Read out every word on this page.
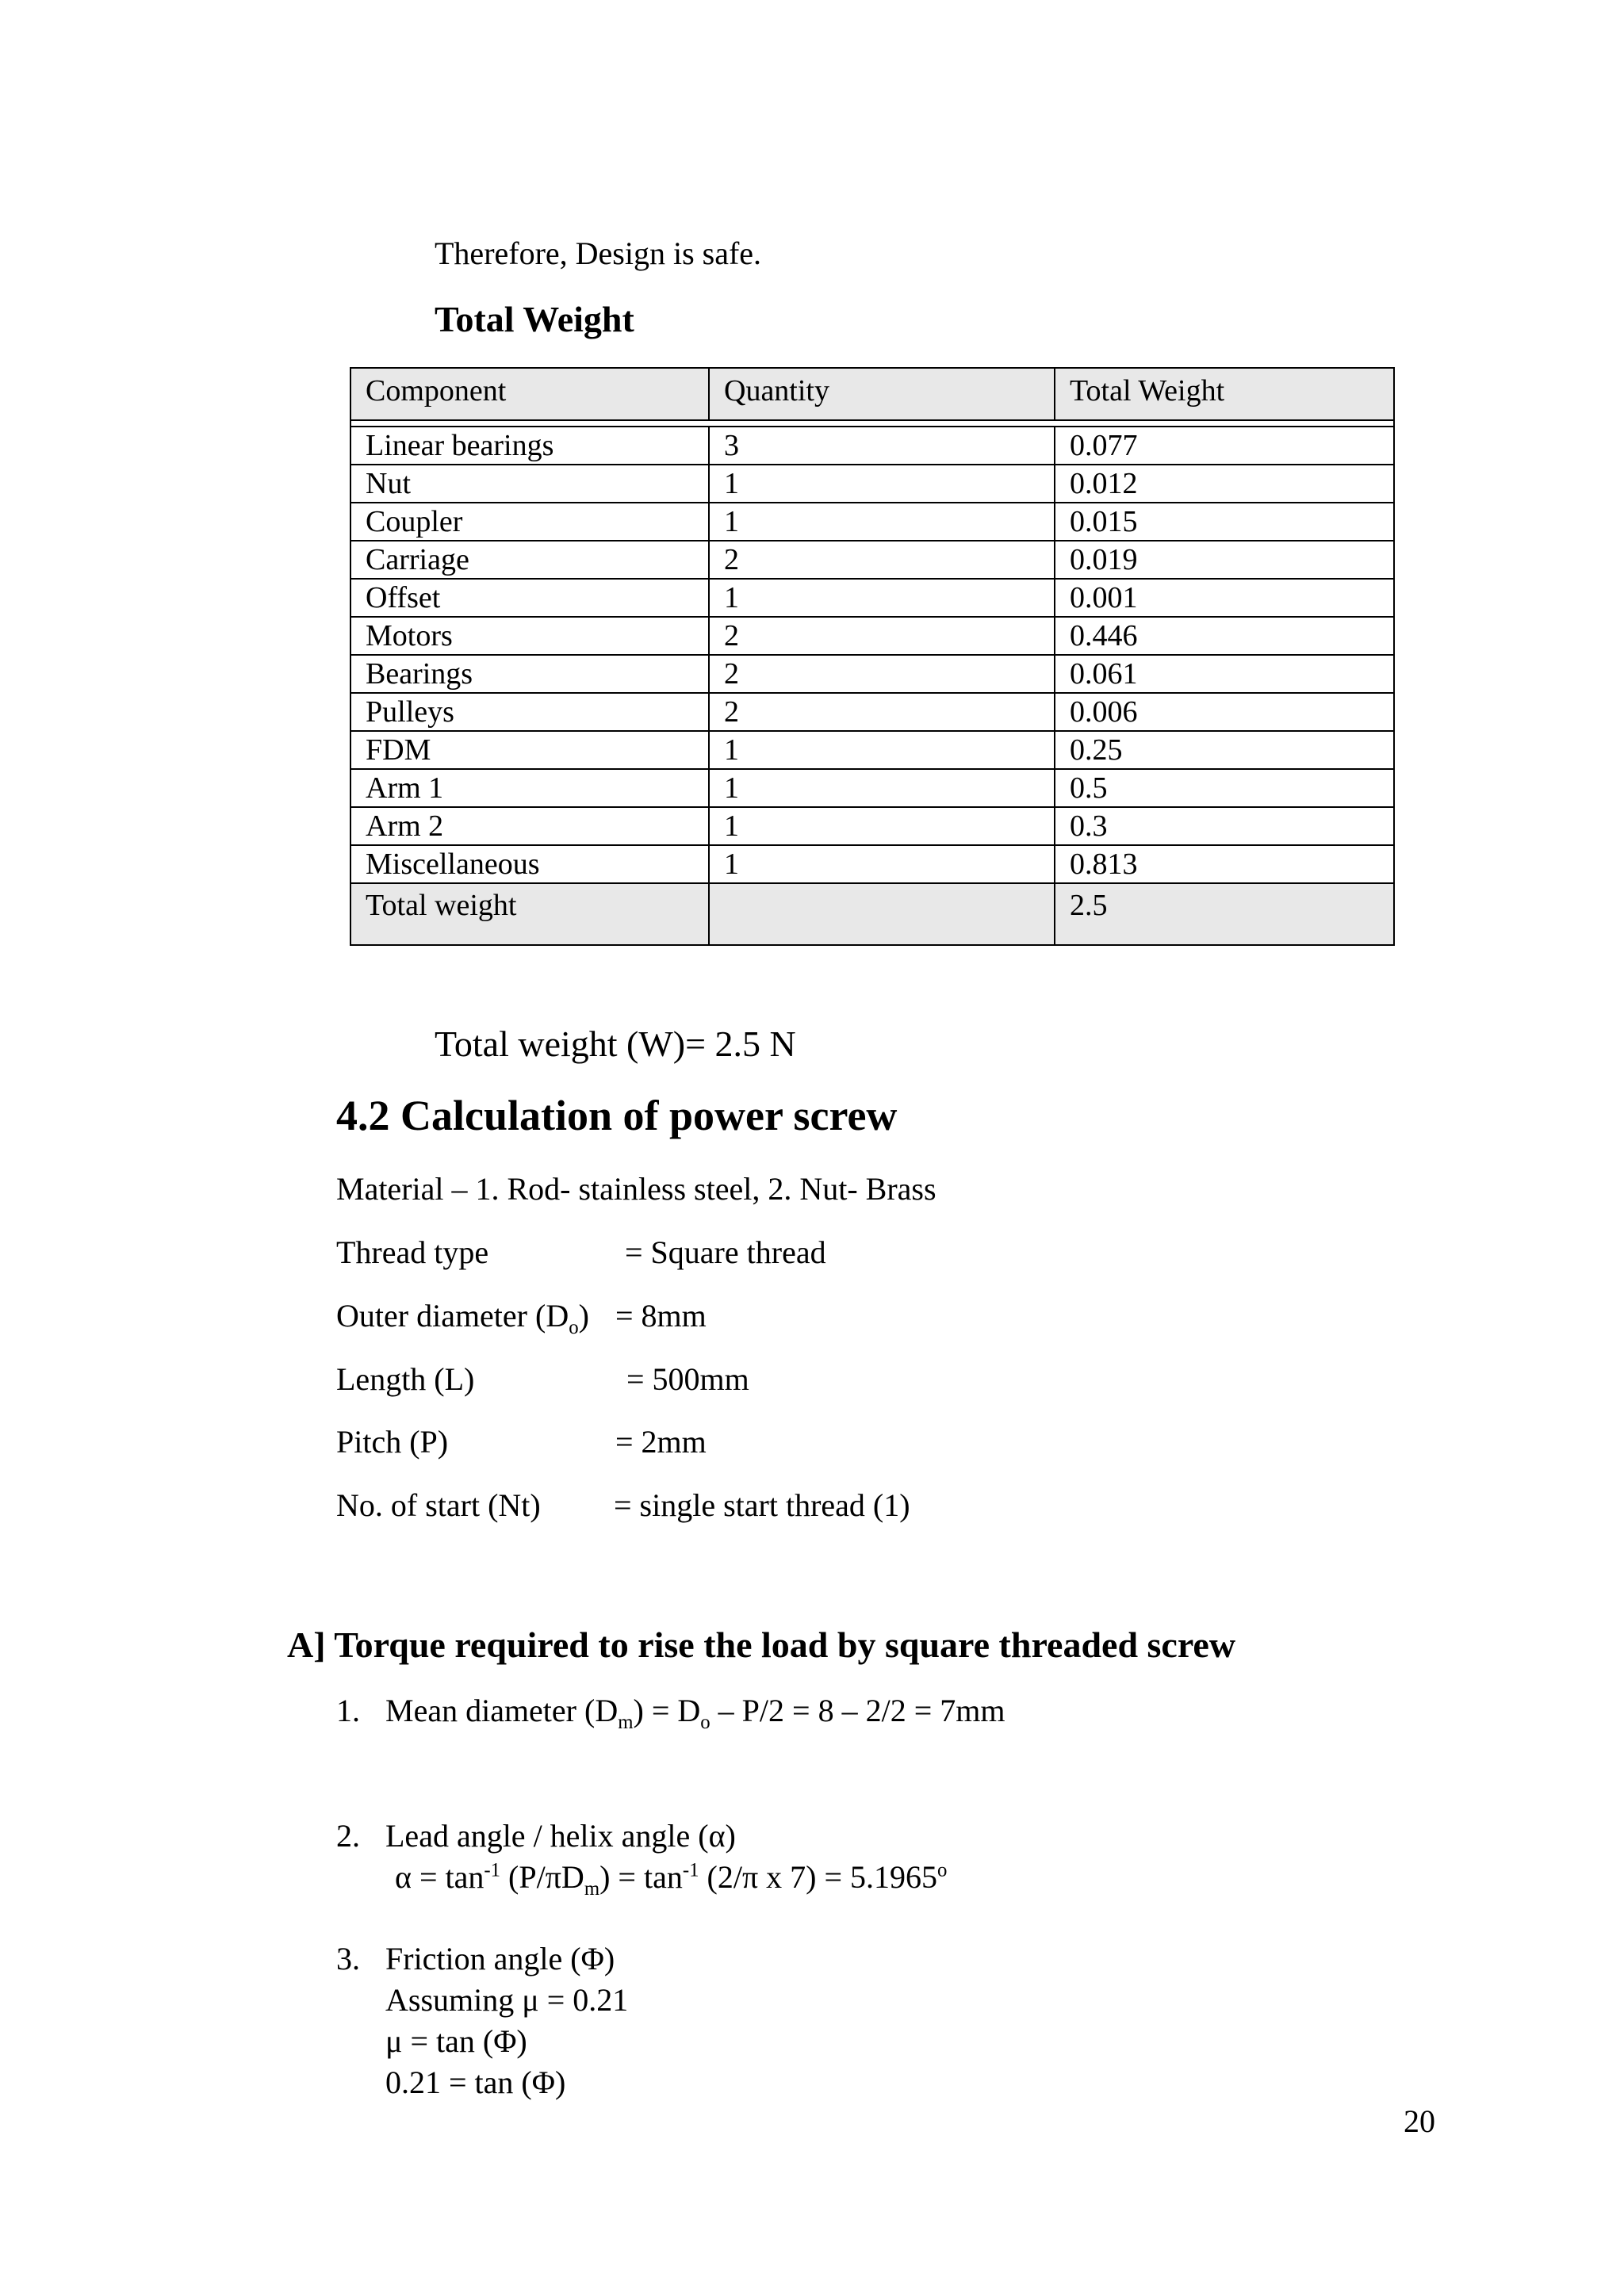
Therefore, Design is safe.
Total Weight
Component	Quantity	Total Weight

Linear bearings	3	0.077
Nut	1	0.012
Coupler	1	0.015
Carriage	2	0.019
Offset	1	0.001
Motors	2	0.446
Bearings	2	0.061
Pulleys	2	0.006
FDM	1	0.25
Arm 1	1	0.5
Arm 2	1	0.3
Miscellaneous	1	0.813
Total weight		2.5
Total weight (W)= 2.5 N
4.2 Calculation of power screw
Material – 1. Rod- stainless steel, 2. Nut- Brass
Thread type	= Square thread
Outer diameter $(D_o) = 8mm$
Length (L)	= 500mm
Pitch (P)	= 2mm
No. of start (Nt) = single start thread (1)
A] Torque required to rise the load by square threaded screw
1. Mean diameter $(D_m) = D_o - P/2 = 8 - 2/2 = 7mm$
2. Lead angle / helix angle (α)
$\alpha = \tan^{-1} (P/\pi D_m) = \tan^{-1} (2/\pi$ x $7) = 5.1965^o$
3. Friction angle (Φ)
Assuming μ = 0.21
μ = tan (Φ)
0.21 = tan (Φ)
20
